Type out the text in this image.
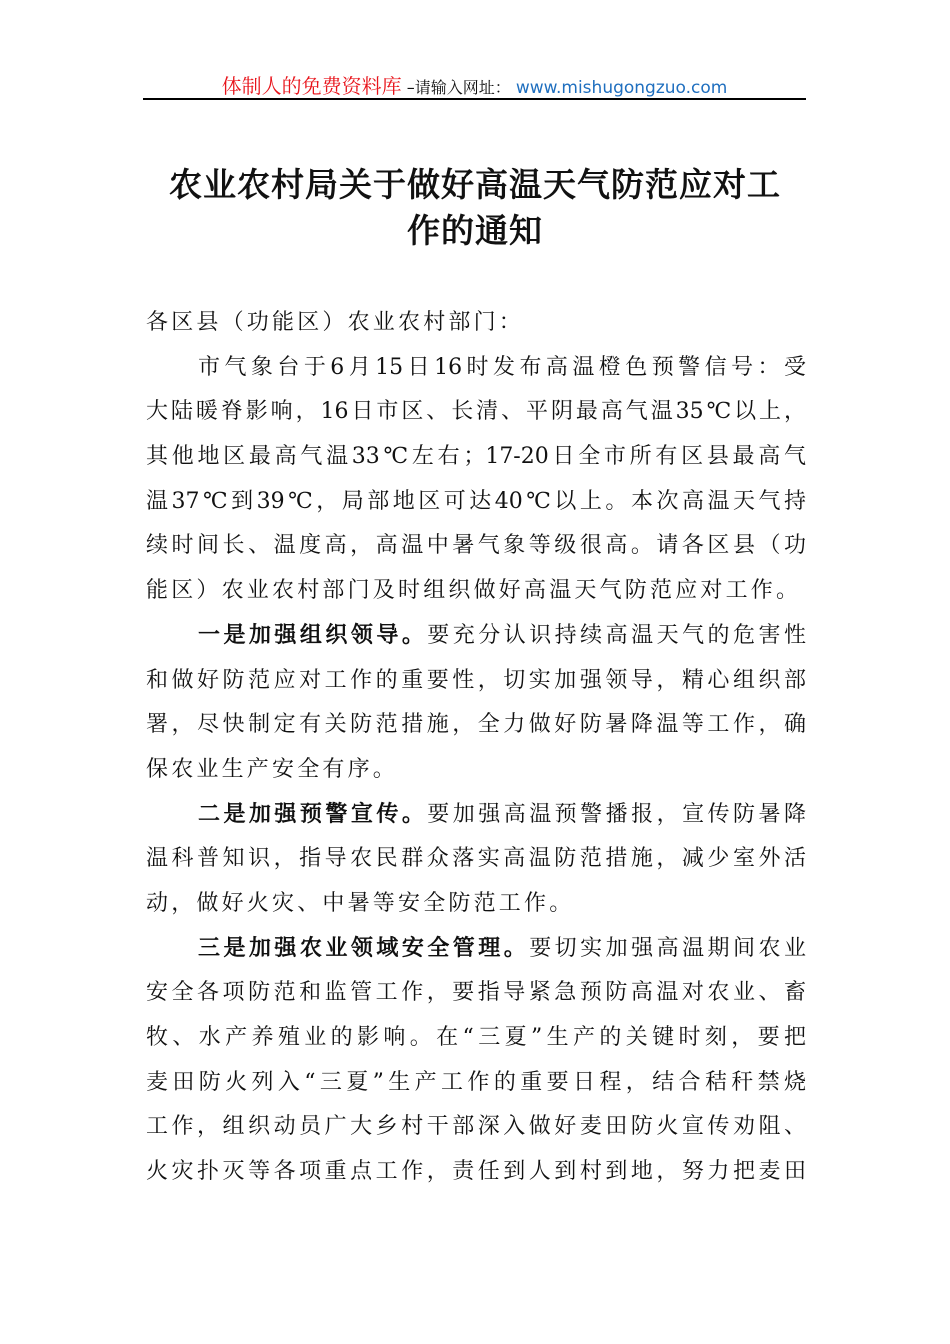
体制人的免费资料库 –请输入网址： www.mishugongzuo.com
农业农村局关于做好高温天气防范应对工
作的通知
各区县（功能区）农业农村部门：
市气象台于6月15日16时发布高温橙色预警信号：受
大陆暖脊影响，16日市区、长清、平阴最高气温35℃以上，
其他地区最高气温33℃左右；17-20日全市所有区县最高气
温37℃到39℃，局部地区可达40℃以上。本次高温天气持
续时间长、温度高，高温中暑气象等级很高。请各区县（功
能区）农业农村部门及时组织做好高温天气防范应对工作。
一是加强组织领导。要充分认识持续高温天气的危害性
和做好防范应对工作的重要性，切实加强领导，精心组织部
署，尽快制定有关防范措施，全力做好防暑降温等工作，确
保农业生产安全有序。
二是加强预警宣传。要加强高温预警播报，宣传防暑降
温科普知识，指导农民群众落实高温防范措施，减少室外活
动，做好火灾、中暑等安全防范工作。
三是加强农业领域安全管理。要切实加强高温期间农业
安全各项防范和监管工作，要指导紧急预防高温对农业、畜
牧、水产养殖业的影响。在“三夏”生产的关键时刻，要把
麦田防火列入“三夏”生产工作的重要日程，结合秸秆禁烧
工作，组织动员广大乡村干部深入做好麦田防火宣传劝阻、
火灾扑灭等各项重点工作，责任到人到村到地，努力把麦田
